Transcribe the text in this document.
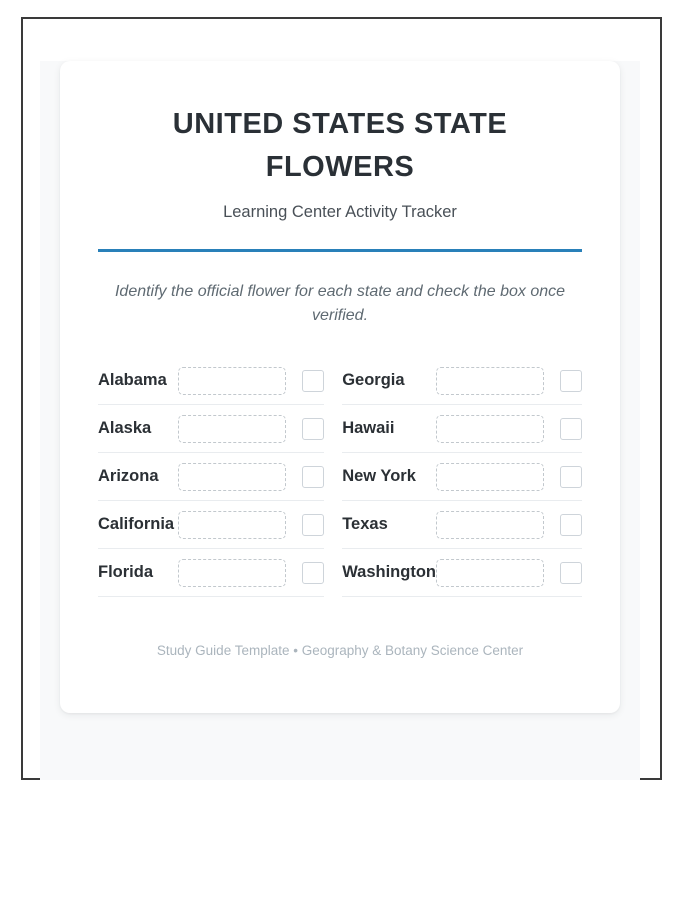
UNITED STATES STATE FLOWERS
Learning Center Activity Tracker
Identify the official flower for each state and check the box once verified.
Alabama
Alaska
Arizona
California
Florida
Georgia
Hawaii
New York
Texas
Washington
Study Guide Template • Geography & Botany Science Center
